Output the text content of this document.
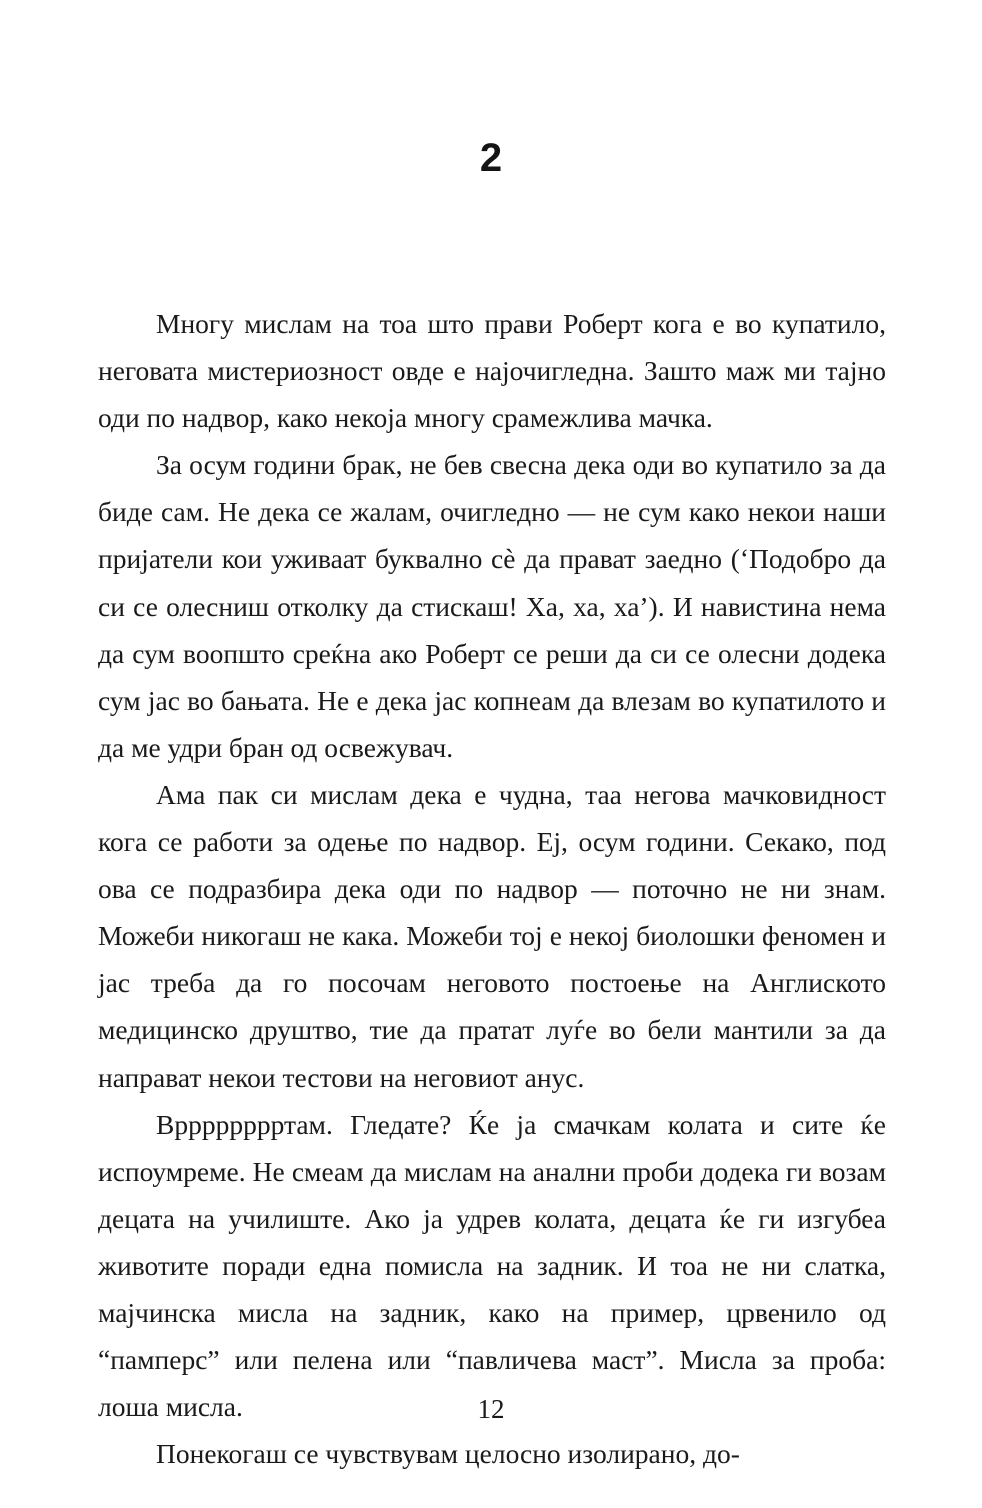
2

Многу мислам на тоа што прави Роберт кога е во купатило, неговата мистериозност овде е најочигледна. Зашто маж ми тајно оди по надвор, како некоја многу срамежлива мачка.

За осум години брак, не бев свесна дека оди во купатило за да биде сам. Не дека се жалам, очигледно — не сум како некои наши пријатели кои уживаат буквално сè да прават заедно (‘Подобро да си се олесниш отколку да стискаш! Ха, ха, ха’). И навистина нема да сум воопшто среќна ако Роберт се реши да си се олесни додека сум јас во бањата. Не е дека јас копнеам да влезам во купатилото и да ме удри бран од освежувач.

Ама пак си мислам дека е чудна, таа негова мачковидност кога се работи за одење по надвор. Еј, осум години. Секако, под ова се подразбира дека оди по надвор — поточно не ни знам. Можеби никогаш не кака. Можеби тој е некој биолошки феномен и јас треба да го посочам неговото постоење на Англиското медицинско друштво, тие да пратат луѓе во бели мантили за да направат некои тестови на неговиот анус.

Врррррррртам. Гледате? Ќе ја смачкам колата и сите ќе испоумреме. Не смеам да мислам на анални проби додека ги возам децата на училиште. Ако ја удрев колата, децата ќе ги изгубеа животите поради една помисла на задник. И тоа не ни слатка, мајчинска мисла на задник, како на пример, црвенило од “памперс” или пелена или “павличева маст”. Мисла за проба: лоша мисла.

Понекогаш се чувствувам целосно изолирано, до-

12
